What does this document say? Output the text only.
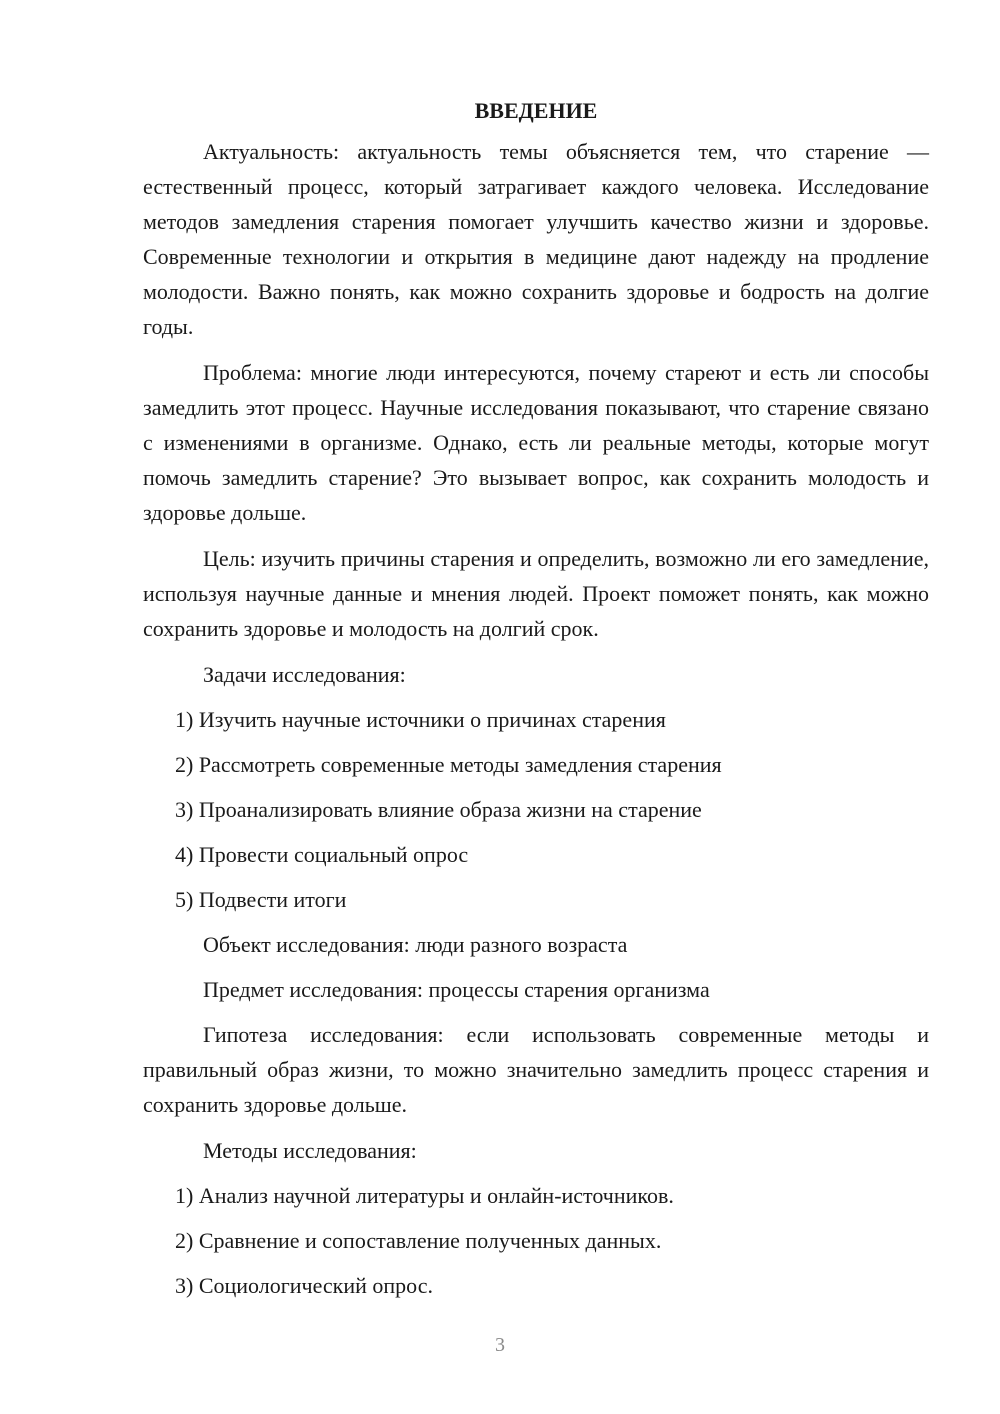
ВВЕДЕНИЕ

Актуальность: актуальность темы объясняется тем, что старение — естественный процесс, который затрагивает каждого человека. Исследование методов замедления старения помогает улучшить качество жизни и здоровье. Современные технологии и открытия в медицине дают надежду на продление молодости. Важно понять, как можно сохранить здоровье и бодрость на долгие годы.

Проблема: многие люди интересуются, почему стареют и есть ли способы замедлить этот процесс. Научные исследования показывают, что старение связано с изменениями в организме. Однако, есть ли реальные методы, которые могут помочь замедлить старение? Это вызывает вопрос, как сохранить молодость и здоровье дольше.

Цель: изучить причины старения и определить, возможно ли его замедление, используя научные данные и мнения людей. Проект поможет понять, как можно сохранить здоровье и молодость на долгий срок.

Задачи исследования:
1) Изучить научные источники о причинах старения
2) Рассмотреть современные методы замедления старения
3) Проанализировать влияние образа жизни на старение
4) Провести социальный опрос
5) Подвести итоги
Объект исследования: люди разного возраста
Предмет исследования: процессы старения организма

Гипотеза исследования: если использовать современные методы и правильный образ жизни, то можно значительно замедлить процесс старения и сохранить здоровье дольше.

Методы исследования:
1) Анализ научной литературы и онлайн-источников.
2) Сравнение и сопоставление полученных данных.
3) Социологический опрос.
3
